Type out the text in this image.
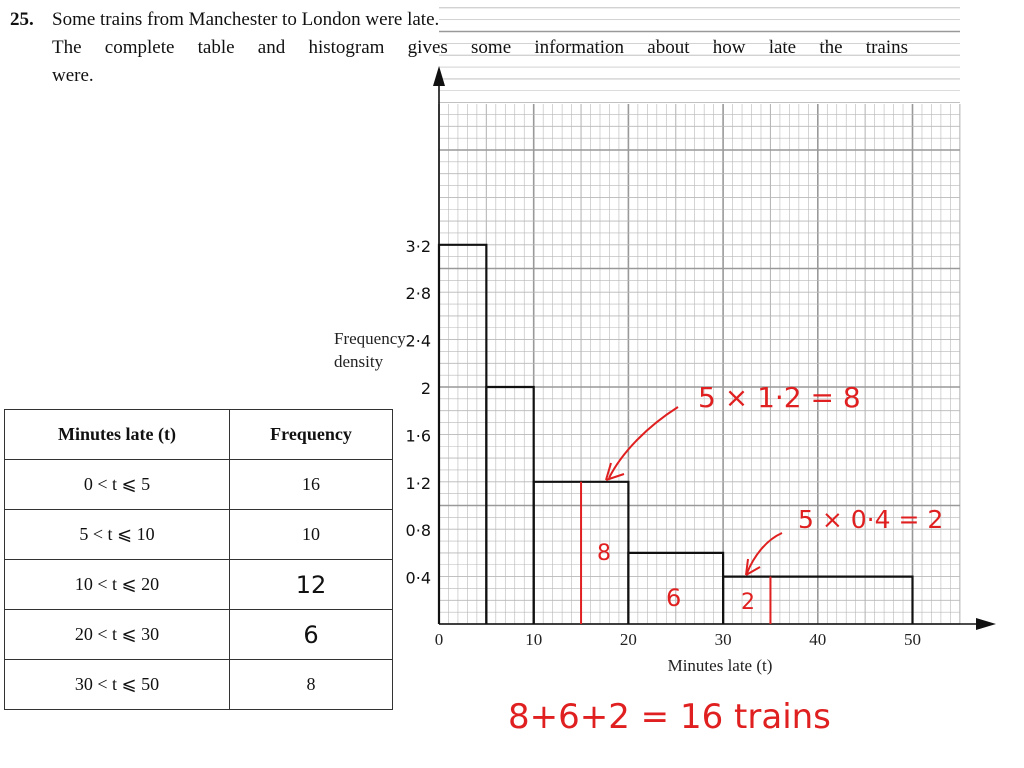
25. Some trains from Manchester to London were late.
The complete table and histogram gives some information about how late the trains
were.
0	10	20	30	40	50
0·4
0·8
1·2
1·6
2
2·4
2·8
3·2
Minutes late (t)
Frequency
density
5 × 1·2 = 8
5 × 0·4 = 2
8
6	2
8+6+2 = 16 trains
Minutes late (t)	Frequency
0 < t ⩽ 5	16
5 < t ⩽ 10	10
10 < t ⩽ 20	12
20 < t ⩽ 30	6
30 < t ⩽ 50	8
